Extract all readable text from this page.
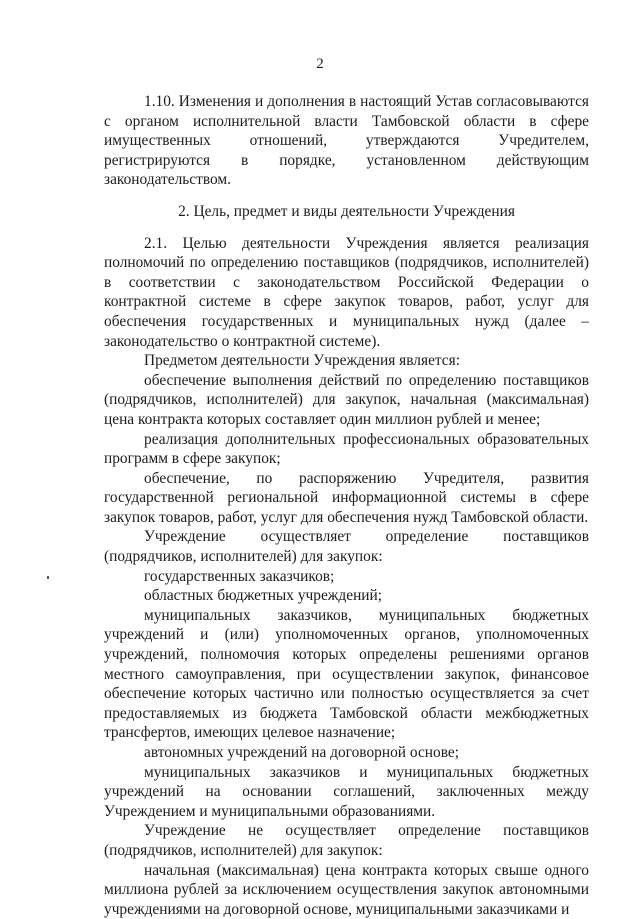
2

1.10. Изменения и дополнения в настоящий Устав согласовываются с органом исполнительной власти Тамбовской области в сфере имущественных отношений, утверждаются Учредителем, регистрируются в порядке, установленном действующим законодательством.

2. Цель, предмет и виды деятельности Учреждения

2.1. Целью деятельности Учреждения является реализация полномочий по определению поставщиков (подрядчиков, исполнителей) в соответствии с законодательством Российской Федерации о контрактной системе в сфере закупок товаров, работ, услуг для обеспечения государственных и муниципальных нужд (далее – законодательство о контрактной системе).

Предметом деятельности Учреждения является:

обеспечение выполнения действий по определению поставщиков (подрядчиков, исполнителей) для закупок, начальная (максимальная) цена контракта которых составляет один миллион рублей и менее;

реализация дополнительных профессиональных образовательных программ в сфере закупок;

обеспечение, по распоряжению Учредителя, развития государственной региональной информационной системы в сфере закупок товаров, работ, услуг для обеспечения нужд Тамбовской области.

Учреждение осуществляет определение поставщиков (подрядчиков, исполнителей) для закупок:

государственных заказчиков;

областных бюджетных учреждений;

муниципальных заказчиков, муниципальных бюджетных учреждений и (или) уполномоченных органов, уполномоченных учреждений, полномочия которых определены решениями органов местного самоуправления, при осуществлении закупок, финансовое обеспечение которых частично или полностью осуществляется за счет предоставляемых из бюджета Тамбовской области межбюджетных трансфертов, имеющих целевое назначение;

автономных учреждений на договорной основе;

муниципальных заказчиков и муниципальных бюджетных учреждений на основании соглашений, заключенных между Учреждением и муниципальными образованиями.

Учреждение не осуществляет определение поставщиков (подрядчиков, исполнителей) для закупок:

начальная (максимальная) цена контракта которых свыше одного миллиона рублей за исключением осуществления закупок автономными учреждениями на договорной основе, муниципальными заказчиками и
